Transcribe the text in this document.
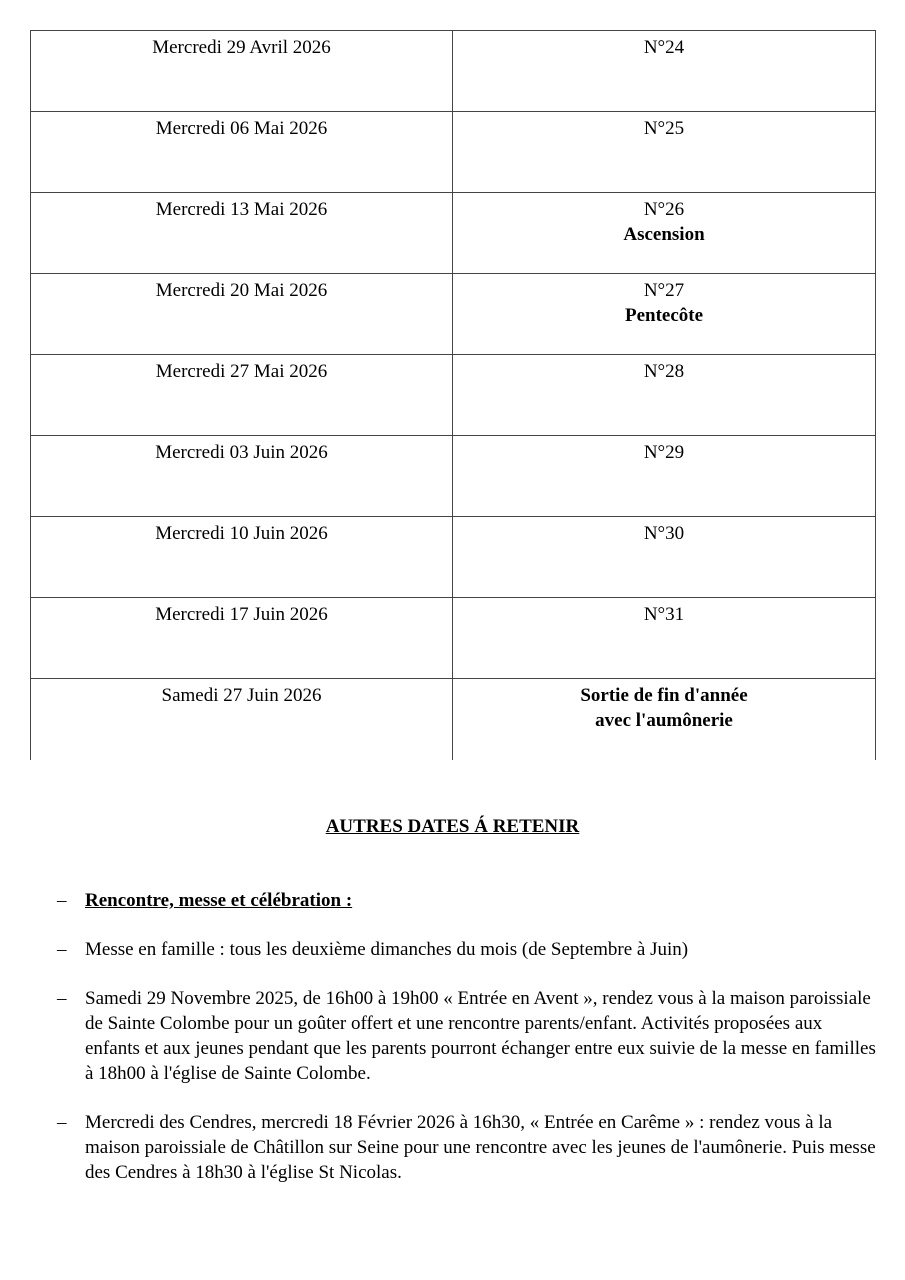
Mercredi 29 Avril 2026	N°24
Mercredi 06 Mai 2026	N°25
Mercredi 13 Mai 2026	N°26
Ascension

Mercredi 20 Mai 2026	N°27
Pentecôte

Mercredi 27 Mai 2026	N°28
Mercredi 03 Juin 2026	N°29
Mercredi 10 Juin 2026	N°30
Mercredi 17 Juin 2026	N°31
Samedi 27 Juin 2026	Sortie de fin d'année
avec l'aumônerie
AUTRES DATES Á RETENIR
– Rencontre, messe et célébration :
– Messe en famille : tous les deuxième dimanches du mois (de Septembre à Juin)
– Samedi 29 Novembre 2025, de 16h00 à 19h00 « Entrée en Avent », rendez vous à la maison paroissiale de Sainte Colombe pour un goûter offert et une rencontre parents/enfant. Activités proposées aux enfants et aux jeunes pendant que les parents pourront échanger entre eux suivie de la messe en familles à 18h00 à l'église de Sainte Colombe.
– Mercredi des Cendres, mercredi 18 Février 2026 à 16h30, « Entrée en Carême » : rendez vous à la maison paroissiale de Châtillon sur Seine pour une rencontre avec les jeunes de l'aumônerie. Puis messe des Cendres à 18h30 à l'église St Nicolas.
